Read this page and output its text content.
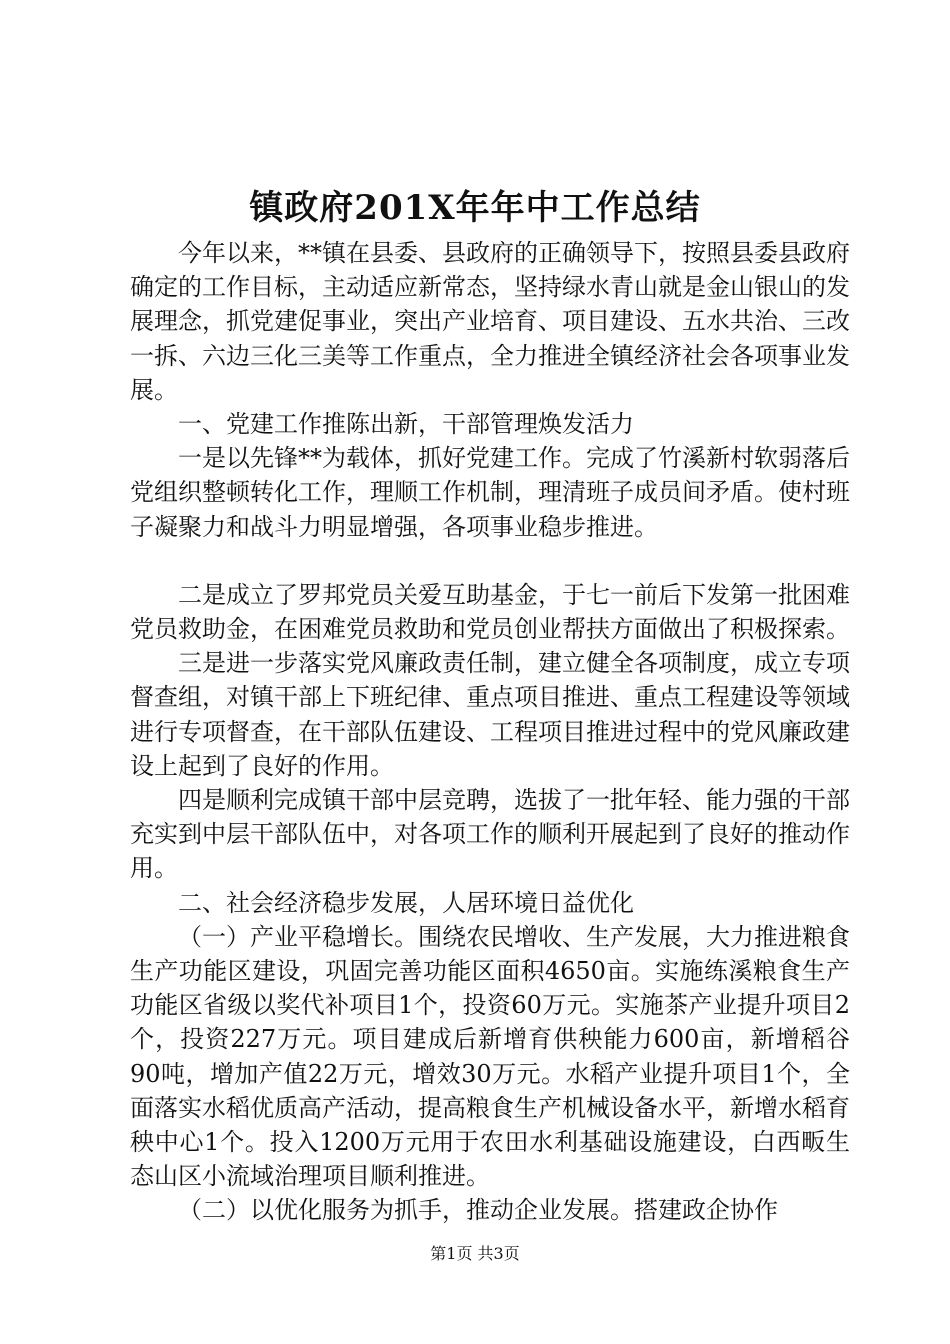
镇政府201X年年中工作总结

今年以来，**镇在县委、县政府的正确领导下，按照县委县政府确定的工作目标，主动适应新常态，坚持绿水青山就是金山银山的发展理念，抓党建促事业，突出产业培育、项目建设、五水共治、三改一拆、六边三化三美等工作重点，全力推进全镇经济社会各项事业发展。

一、党建工作推陈出新，干部管理焕发活力

一是以先锋**为载体，抓好党建工作。完成了竹溪新村软弱落后党组织整顿转化工作，理顺工作机制，理清班子成员间矛盾。使村班子凝聚力和战斗力明显增强，各项事业稳步推进。

二是成立了罗邦党员关爱互助基金，于七一前后下发第一批困难党员救助金，在困难党员救助和党员创业帮扶方面做出了积极探索。

三是进一步落实党风廉政责任制，建立健全各项制度，成立专项督查组，对镇干部上下班纪律、重点项目推进、重点工程建设等领域进行专项督查，在干部队伍建设、工程项目推进过程中的党风廉政建设上起到了良好的作用。

四是顺利完成镇干部中层竞聘，选拔了一批年轻、能力强的干部充实到中层干部队伍中，对各项工作的顺利开展起到了良好的推动作用。

二、社会经济稳步发展，人居环境日益优化

（一）产业平稳增长。围绕农民增收、生产发展，大力推进粮食生产功能区建设，巩固完善功能区面积4650亩。实施练溪粮食生产功能区省级以奖代补项目1个，投资60万元。实施茶产业提升项目2个，投资227万元。项目建成后新增育供秧能力600亩，新增稻谷90吨，增加产值22万元，增效30万元。水稻产业提升项目1个，全面落实水稻优质高产活动，提高粮食生产机械设备水平，新增水稻育秧中心1个。投入1200万元用于农田水利基础设施建设，白西畈生态山区小流域治理项目顺利推进。

（二）以优化服务为抓手，推动企业发展。搭建政企协作

第1页 共3页
